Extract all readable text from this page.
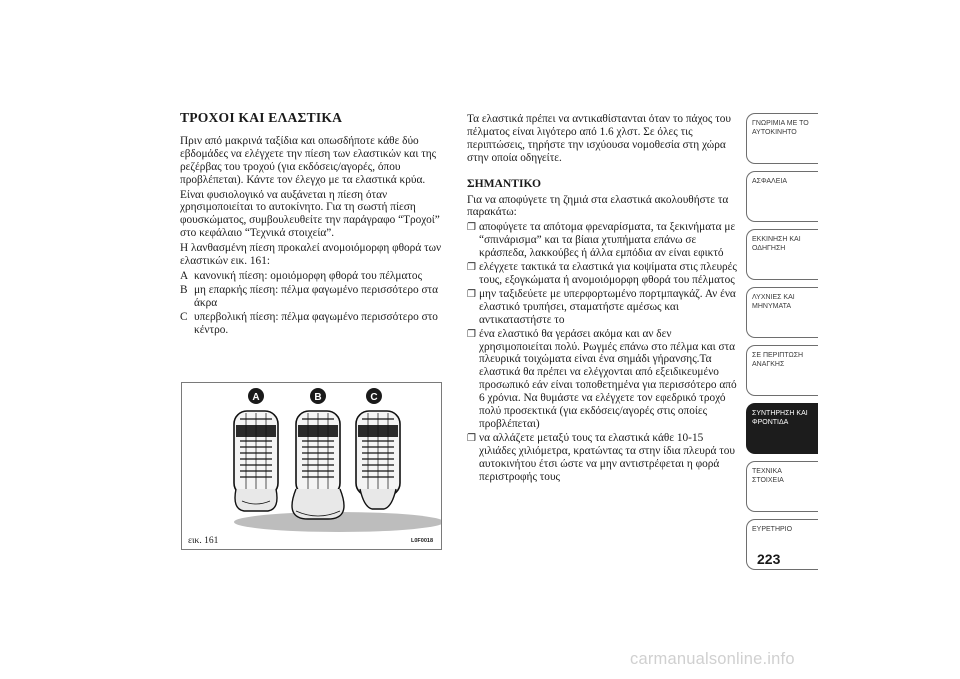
ΤΡΟΧΟΙ ΚΑΙ ΕΛΑΣΤΙΚΑ

Πριν από μακρινά ταξίδια και οπωσδήποτε κάθε δύο εβδομάδες να ελέγχετε την πίεση των ελαστικών και της ρεζέρβας του τροχού (για εκδόσεις/αγορές, όπου προβλέπεται). Κάντε τον έλεγχο με τα ελαστικά κρύα.

Είναι φυσιολογικό να αυξάνεται η πίεση όταν χρησιμοποιείται το αυτοκίνητο. Για τη σωστή πίεση φουσκώματος, συμβουλευθείτε την παράγραφο “Τροχοί” στο κεφάλαιο “Τεχνικά στοιχεία”.

Η λανθασμένη πίεση προκαλεί ανομοιόμορφη φθορά των ελαστικών εικ. 161:

A κανονική πίεση: ομοιόμορφη φθορά του πέλματος
B μη επαρκής πίεση: πέλμα φαγωμένο περισσότερο στα άκρα
C υπερβολική πίεση: πέλμα φαγωμένο περισσότερο στο κέντρο.
A	B	C
εικ. 161	L0F0018

Τα ελαστικά πρέπει να αντικαθίστανται όταν το πάχος του πέλματος είναι λιγότερο από 1.6 χλστ. Σε όλες τις περιπτώσεις, τηρήστε την ισχύουσα νομοθεσία στη χώρα στην οποία οδηγείτε.

ΣΗΜΑΝΤΙΚΟ

Για να αποφύγετε τη ζημιά στα ελαστικά ακολουθήστε τα παρακάτω:

❐ αποφύγετε τα απότομα φρεναρίσματα, τα ξεκινήματα με “σπινάρισμα” και τα βίαια χτυπήματα επάνω σε κράσπεδα, λακκούβες ή άλλα εμπόδια αν είναι εφικτό
❐ ελέγχετε τακτικά τα ελαστικά για κοψίματα στις πλευρές τους, εξογκώματα ή ανομοιόμορφη φθορά του πέλματος
❐ μην ταξιδεύετε με υπερφορτωμένο πορτμπαγκάζ. Αν ένα ελαστικό τρυπήσει, σταματήστε αμέσως και αντικαταστήστε το
❐ ένα ελαστικό θα γεράσει ακόμα και αν δεν χρησιμοποιείται πολύ. Ρωγμές επάνω στο πέλμα και στα πλευρικά τοιχώματα είναι ένα σημάδι γήρανσης.Τα ελαστικά θα πρέπει να ελέγχονται από εξειδικευμένο προσωπικό εάν είναι τοποθετημένα για περισσότερο από 6 χρόνια. Να θυμάστε να ελέγχετε τον εφεδρικό τροχό πολύ προσεκτικά (για εκδόσεις/αγορές στις οποίες προβλέπεται)
❐ να αλλάζετε μεταξύ τους τα ελαστικά κάθε 10-15 χιλιάδες χιλιόμετρα, κρατώντας τα στην ίδια πλευρά του αυτοκινήτου έτσι ώστε να μην αντιστρέφεται η φορά περιστροφής τους
ΓΝΩΡΙΜΙΑ ΜΕ ΤΟ ΑΥΤΟΚΙΝΗΤΟ
ΑΣΦΑΛΕΙΑ
ΕΚΚΙΝΗΣΗ ΚΑΙ ΟΔΗΓΗΣΗ
ΛΥΧΝΙΕΣ ΚΑΙ ΜΗΝΥΜΑΤΑ
ΣΕ ΠΕΡΙΠΤΩΣΗ ΑΝΑΓΚΗΣ
ΣΥΝΤΗΡΗΣΗ ΚΑΙ ΦΡΟΝΤΙΔΑ
ΤΕΧΝΙΚΑ ΣΤΟΙΧΕΙΑ
ΕΥΡΕΤΗΡΙΟ
223
carmanualsonline.info
